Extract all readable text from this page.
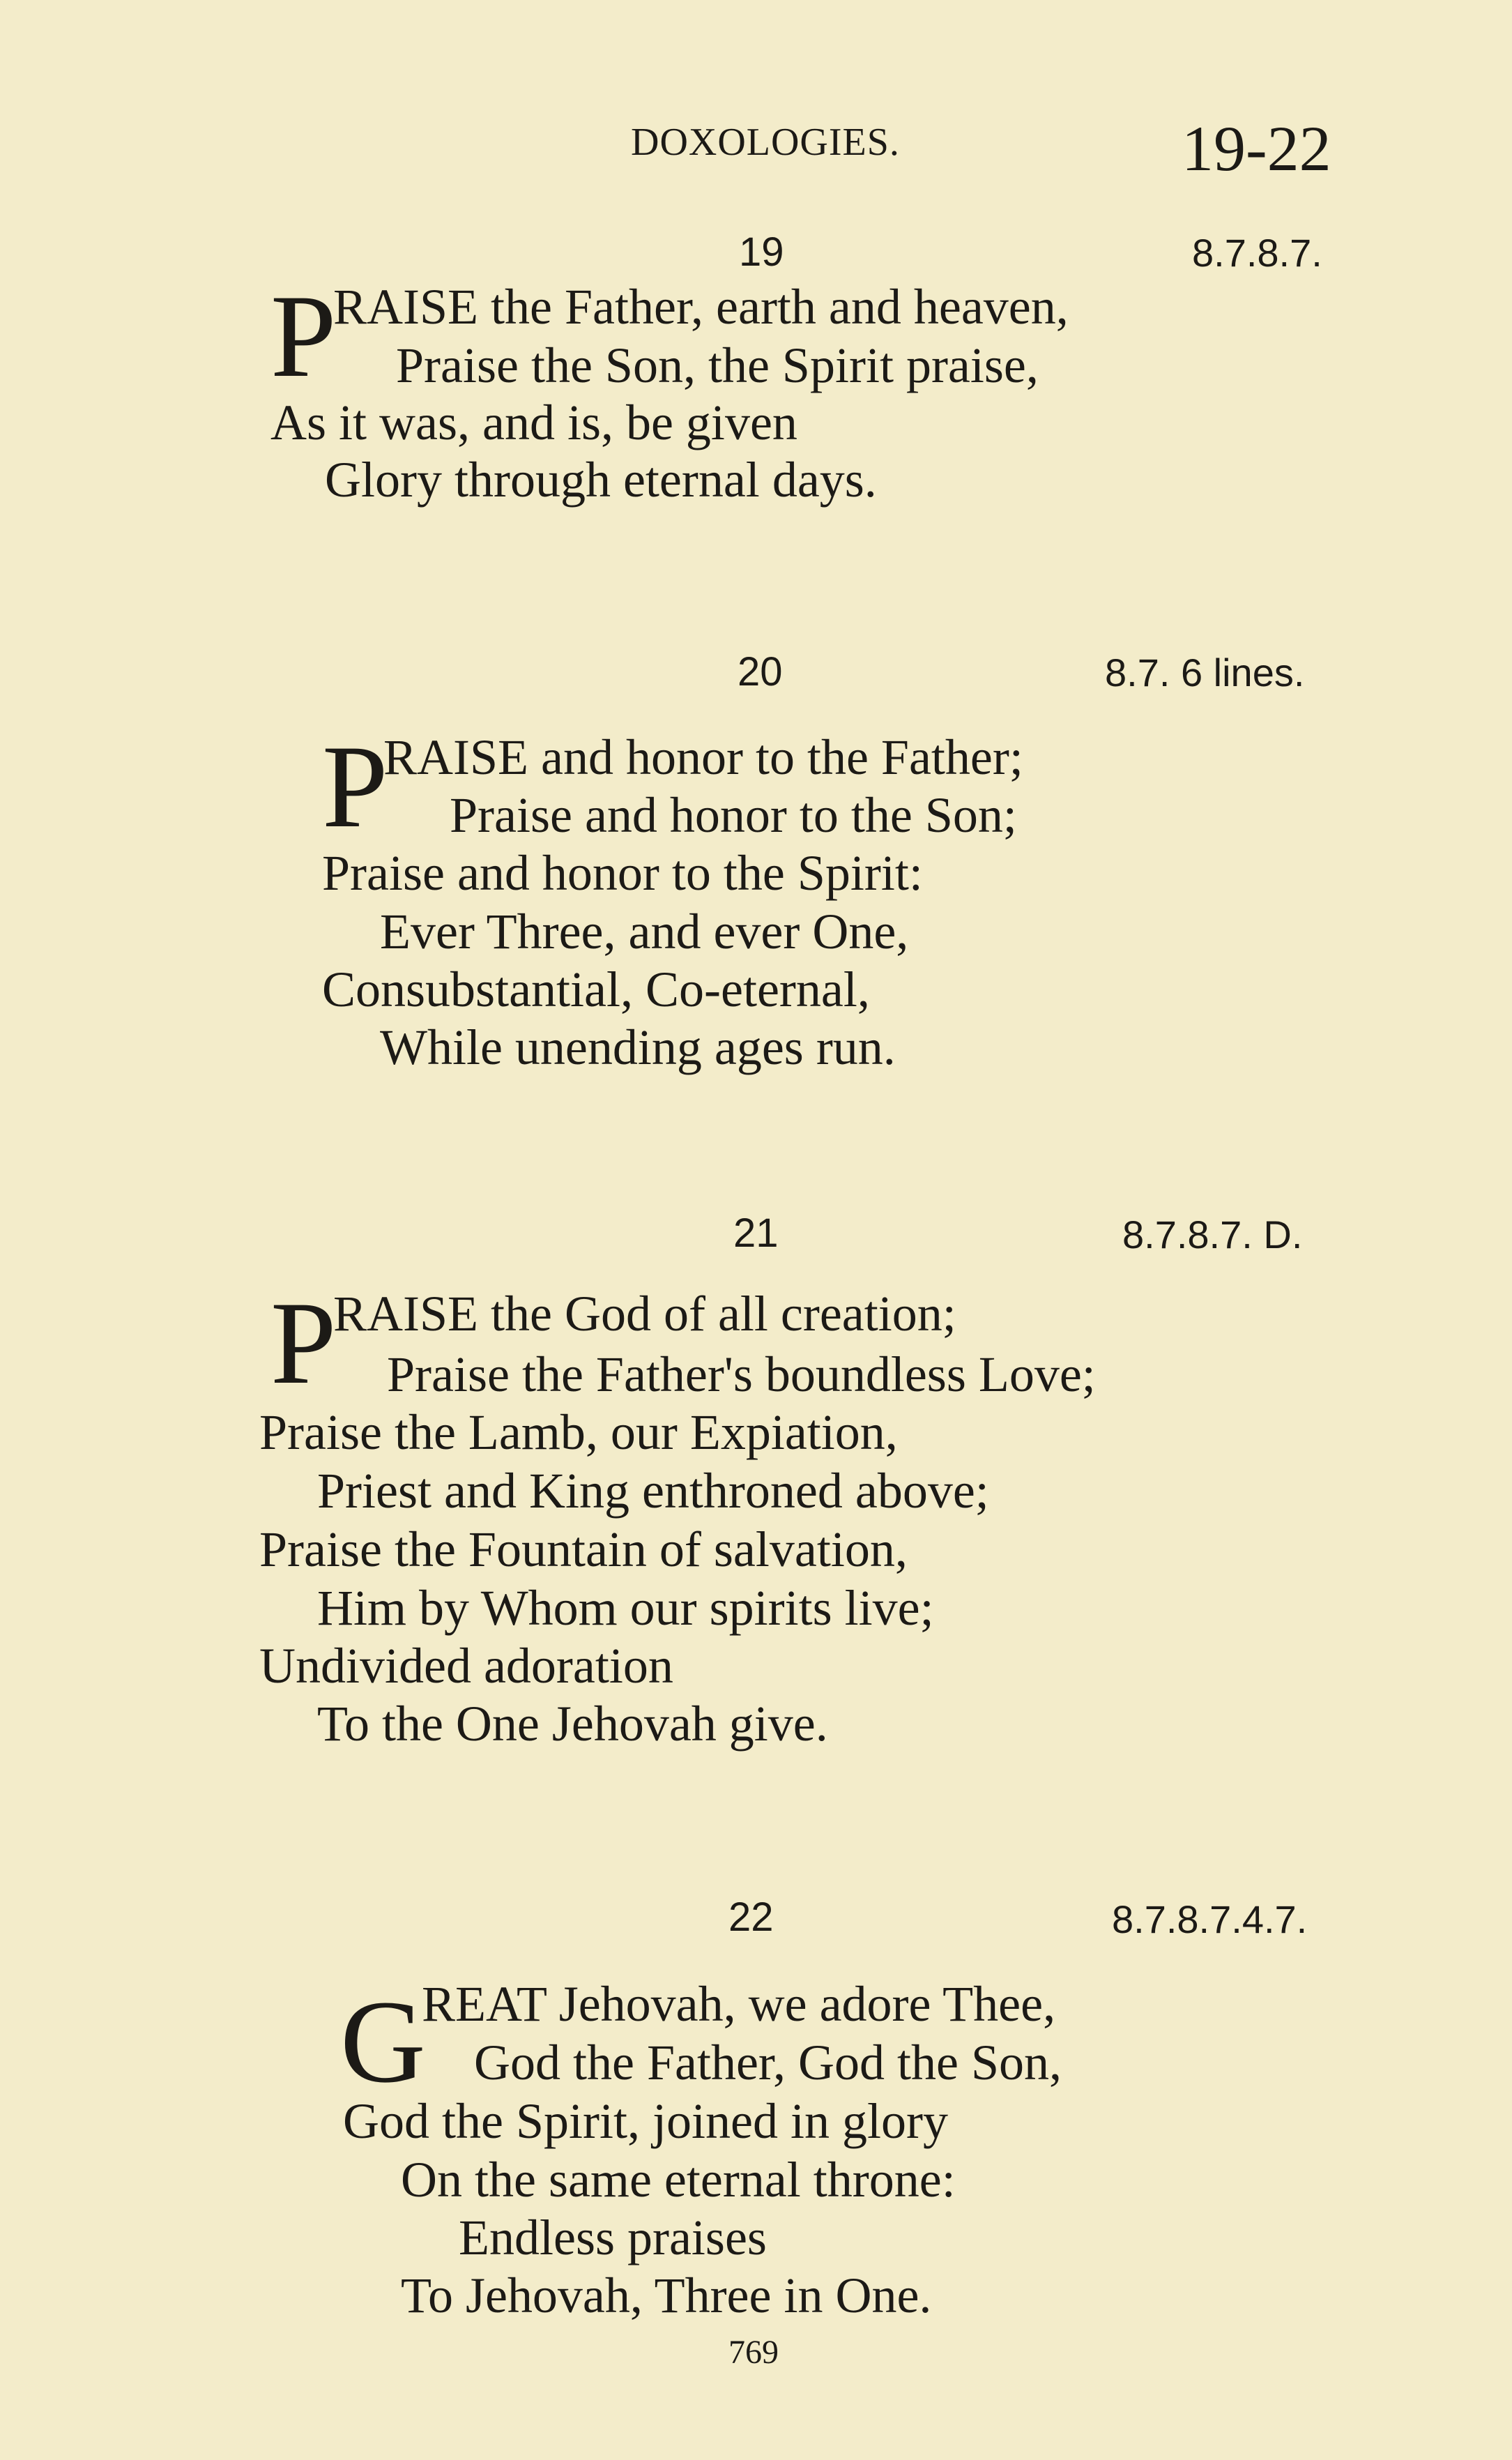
DOXOLOGIES.	19-22
19	8.7.8.7.
P
RAISE the Father, earth and heaven,
Praise the Son, the Spirit praise,
As it was, and is, be given
Glory through eternal days.
20	8.7. 6 lines.
P
RAISE and honor to the Father;
Praise and honor to the Son;
Praise and honor to the Spirit:
Ever Three, and ever One,
Consubstantial, Co-eternal,
While unending ages run.
21	8.7.8.7. D.
P
RAISE the God of all creation;
Praise the Father's boundless Love;
Praise the Lamb, our Expiation,
Priest and King enthroned above;
Praise the Fountain of salvation,
Him by Whom our spirits live;
Undivided adoration
To the One Jehovah give.
22	8.7.8.7.4.7.
G
REAT Jehovah, we adore Thee,
God the Father, God the Son,
God the Spirit, joined in glory
On the same eternal throne:
Endless praises
To Jehovah, Three in One.
769
